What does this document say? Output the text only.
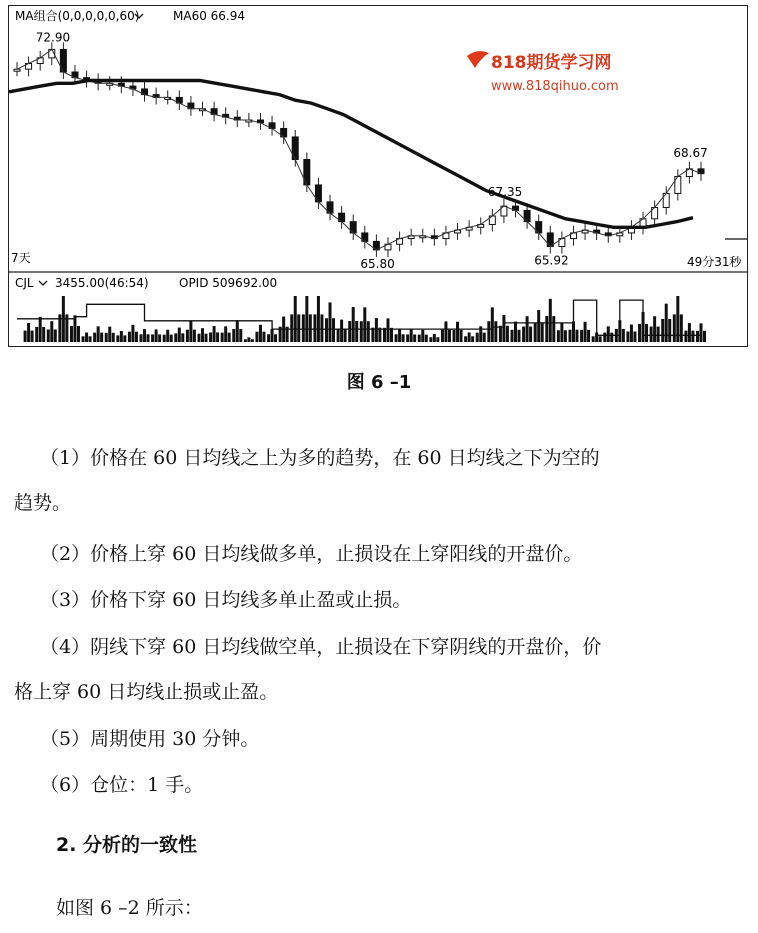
MA组合(0,0,0,0,0,60)	MA60 66.94
818期货学习网
www.818qihuo.com
72.90
65.80
67.35
65.92
68.67
7天	49分31秒
CJL 3455.00(46:54)	OPID 509692.00
图 6 –1

（1）价格在 60 日均线之上为多的趋势，在 60 日均线之下为空的
趋势。

（2）价格上穿 60 日均线做多单，止损设在上穿阳线的开盘价。

（3）价格下穿 60 日均线多单止盈或止损。

（4）阴线下穿 60 日均线做空单，止损设在下穿阴线的开盘价，价
格上穿 60 日均线止损或止盈。

（5）周期使用 30 分钟。

（6）仓位：1 手。

2. 分析的一致性
如图 6 –2 所示：
